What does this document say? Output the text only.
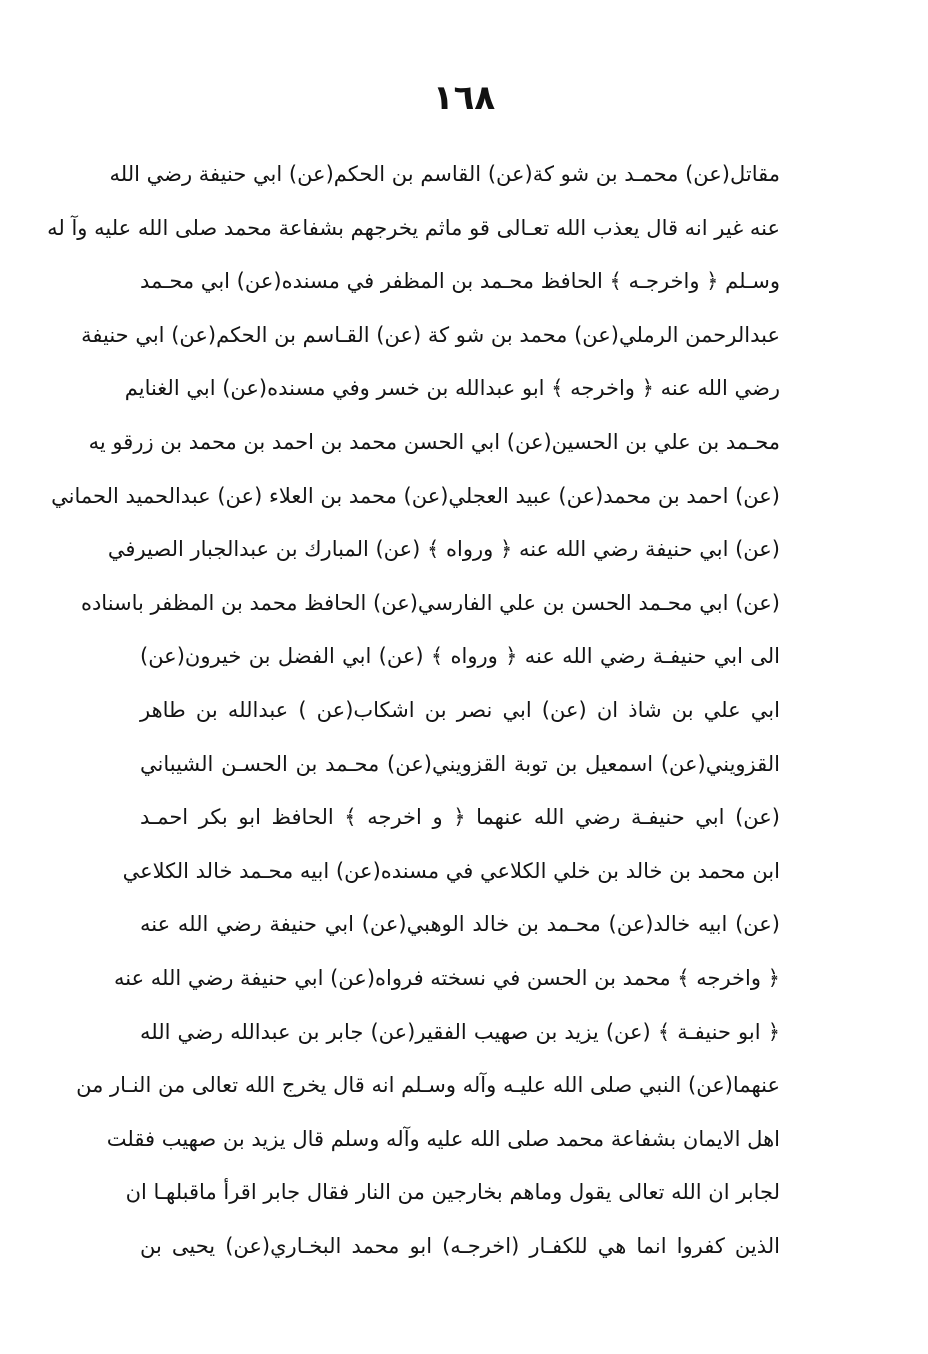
١٦٨
مقاتل(عن) محمـد بن شو كة(عن) القاسم بن الحكم(عن) ابي حنيفة رضي الله
عنه غير انه قال يعذب الله تعـالى قو ماثم يخرجهم بشفاعة محمد صلى الله عليه وآ له
وسـلم ﴿ واخرجـه ﴾ الحافظ محـمد بن المظفر في مسنده(عن) ابي محـمد
عبدالرحمن الرملي(عن) محمد بن شو كة (عن) القـاسم بن الحكم(عن) ابي حنيفة
رضي الله عنه ﴿ واخرجه ﴾ ابو عبدالله بن خسر وفي مسنده(عن) ابي الغنايم
محـمد بن علي بن الحسين(عن) ابي الحسن محمد بن احمد بن محمد بن زرقو يه
(عن) احمد بن محمد(عن) عبيد العجلي(عن) محمد بن العلاء (عن) عبدالحميد الحماني
(عن) ابي حنيفة رضي الله عنه ﴿ ورواه ﴾ (عن) المبارك بن عبدالجبار الصيرفي
(عن) ابي محـمد الحسن بن علي الفارسي(عن) الحافظ محمد بن المظفر باسناده
الى ابي حنيفـة رضي الله عنه ﴿ ورواه ﴾ (عن) ابي الفضل بن خيرون(عن)
ابي علي بن شاذ ان (عن) ابي نصر بن اشكاب(عن ) عبدالله بن طاهر
القزويني(عن) اسمعيل بن توبة القزويني(عن) محـمد بن الحسـن الشيباني
(عن) ابي حنيفـة رضي الله عنهما ﴿ و اخرجه ﴾ الحافظ ابو بكر احمـد
ابن محمد بن خالد بن خلي الكلاعي في مسنده(عن) ابيه محـمد خالد الكلاعي
(عن) ابيه خالد(عن) محـمد بن خالد الوهبي(عن) ابي حنيفة رضي الله عنه
﴿ واخرجه ﴾ محمد بن الحسن في نسخته فرواه(عن) ابي حنيفة رضي الله عنه
﴿ ابو حنيفـة ﴾ (عن) يزيد بن صهيب الفقير(عن) جابر بن عبدالله رضي الله
عنهما(عن) النبي صلى الله عليـه وآله وسـلم انه قال يخرج الله تعالى من النـار من
اهل الايمان بشفاعة محمد صلى الله عليه وآله وسلم قال يزيد بن صهيب فقلت
لجابر ان الله تعالى يقول وماهم بخارجين من النار فقال جابر اقرأ ماقبلهـا ان
الذين كفروا انما هي للكفـار (اخرجـه) ابو محمد البخـاري(عن) يحيى بن
